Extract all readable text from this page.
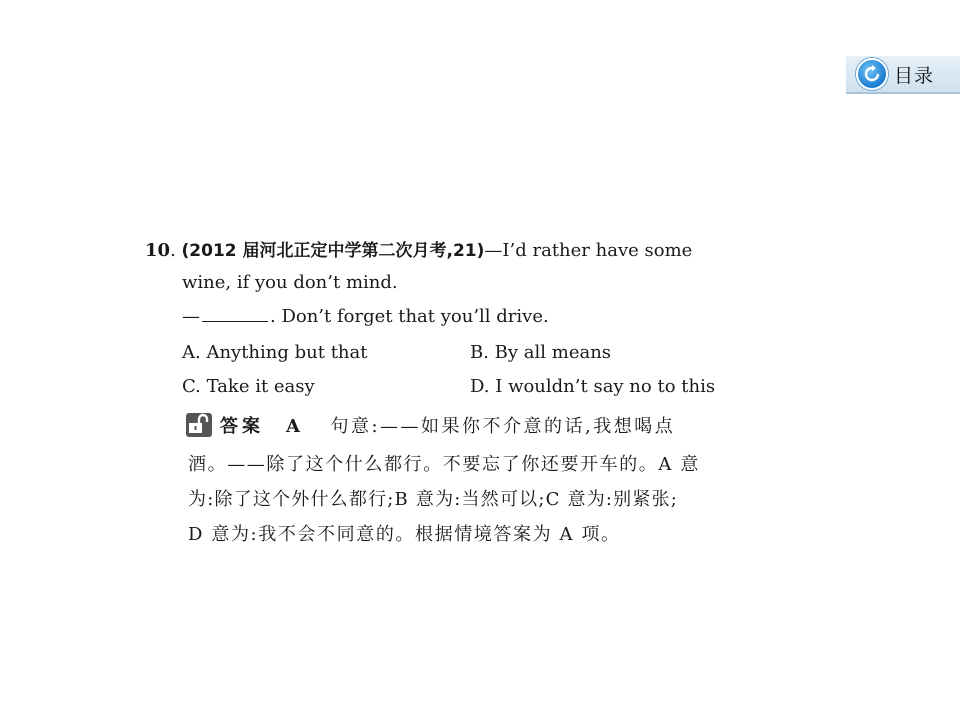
目录
10. (2012 届河北正定中学第二次月考,21)—I’d rather have some
wine, if you don’t mind.
—	. Don’t forget that you’ll drive.
A. Anything but that	B. By all means
C. Take it easy	D. I wouldn’t say no to this
答案 A 句意:——如果你不介意的话,我想喝点
酒。——除了这个什么都行。不要忘了你还要开车的。A 意
为:除了这个外什么都行;B 意为:当然可以;C 意为:别紧张;
D 意为:我不会不同意的。根据情境答案为 A 项。
